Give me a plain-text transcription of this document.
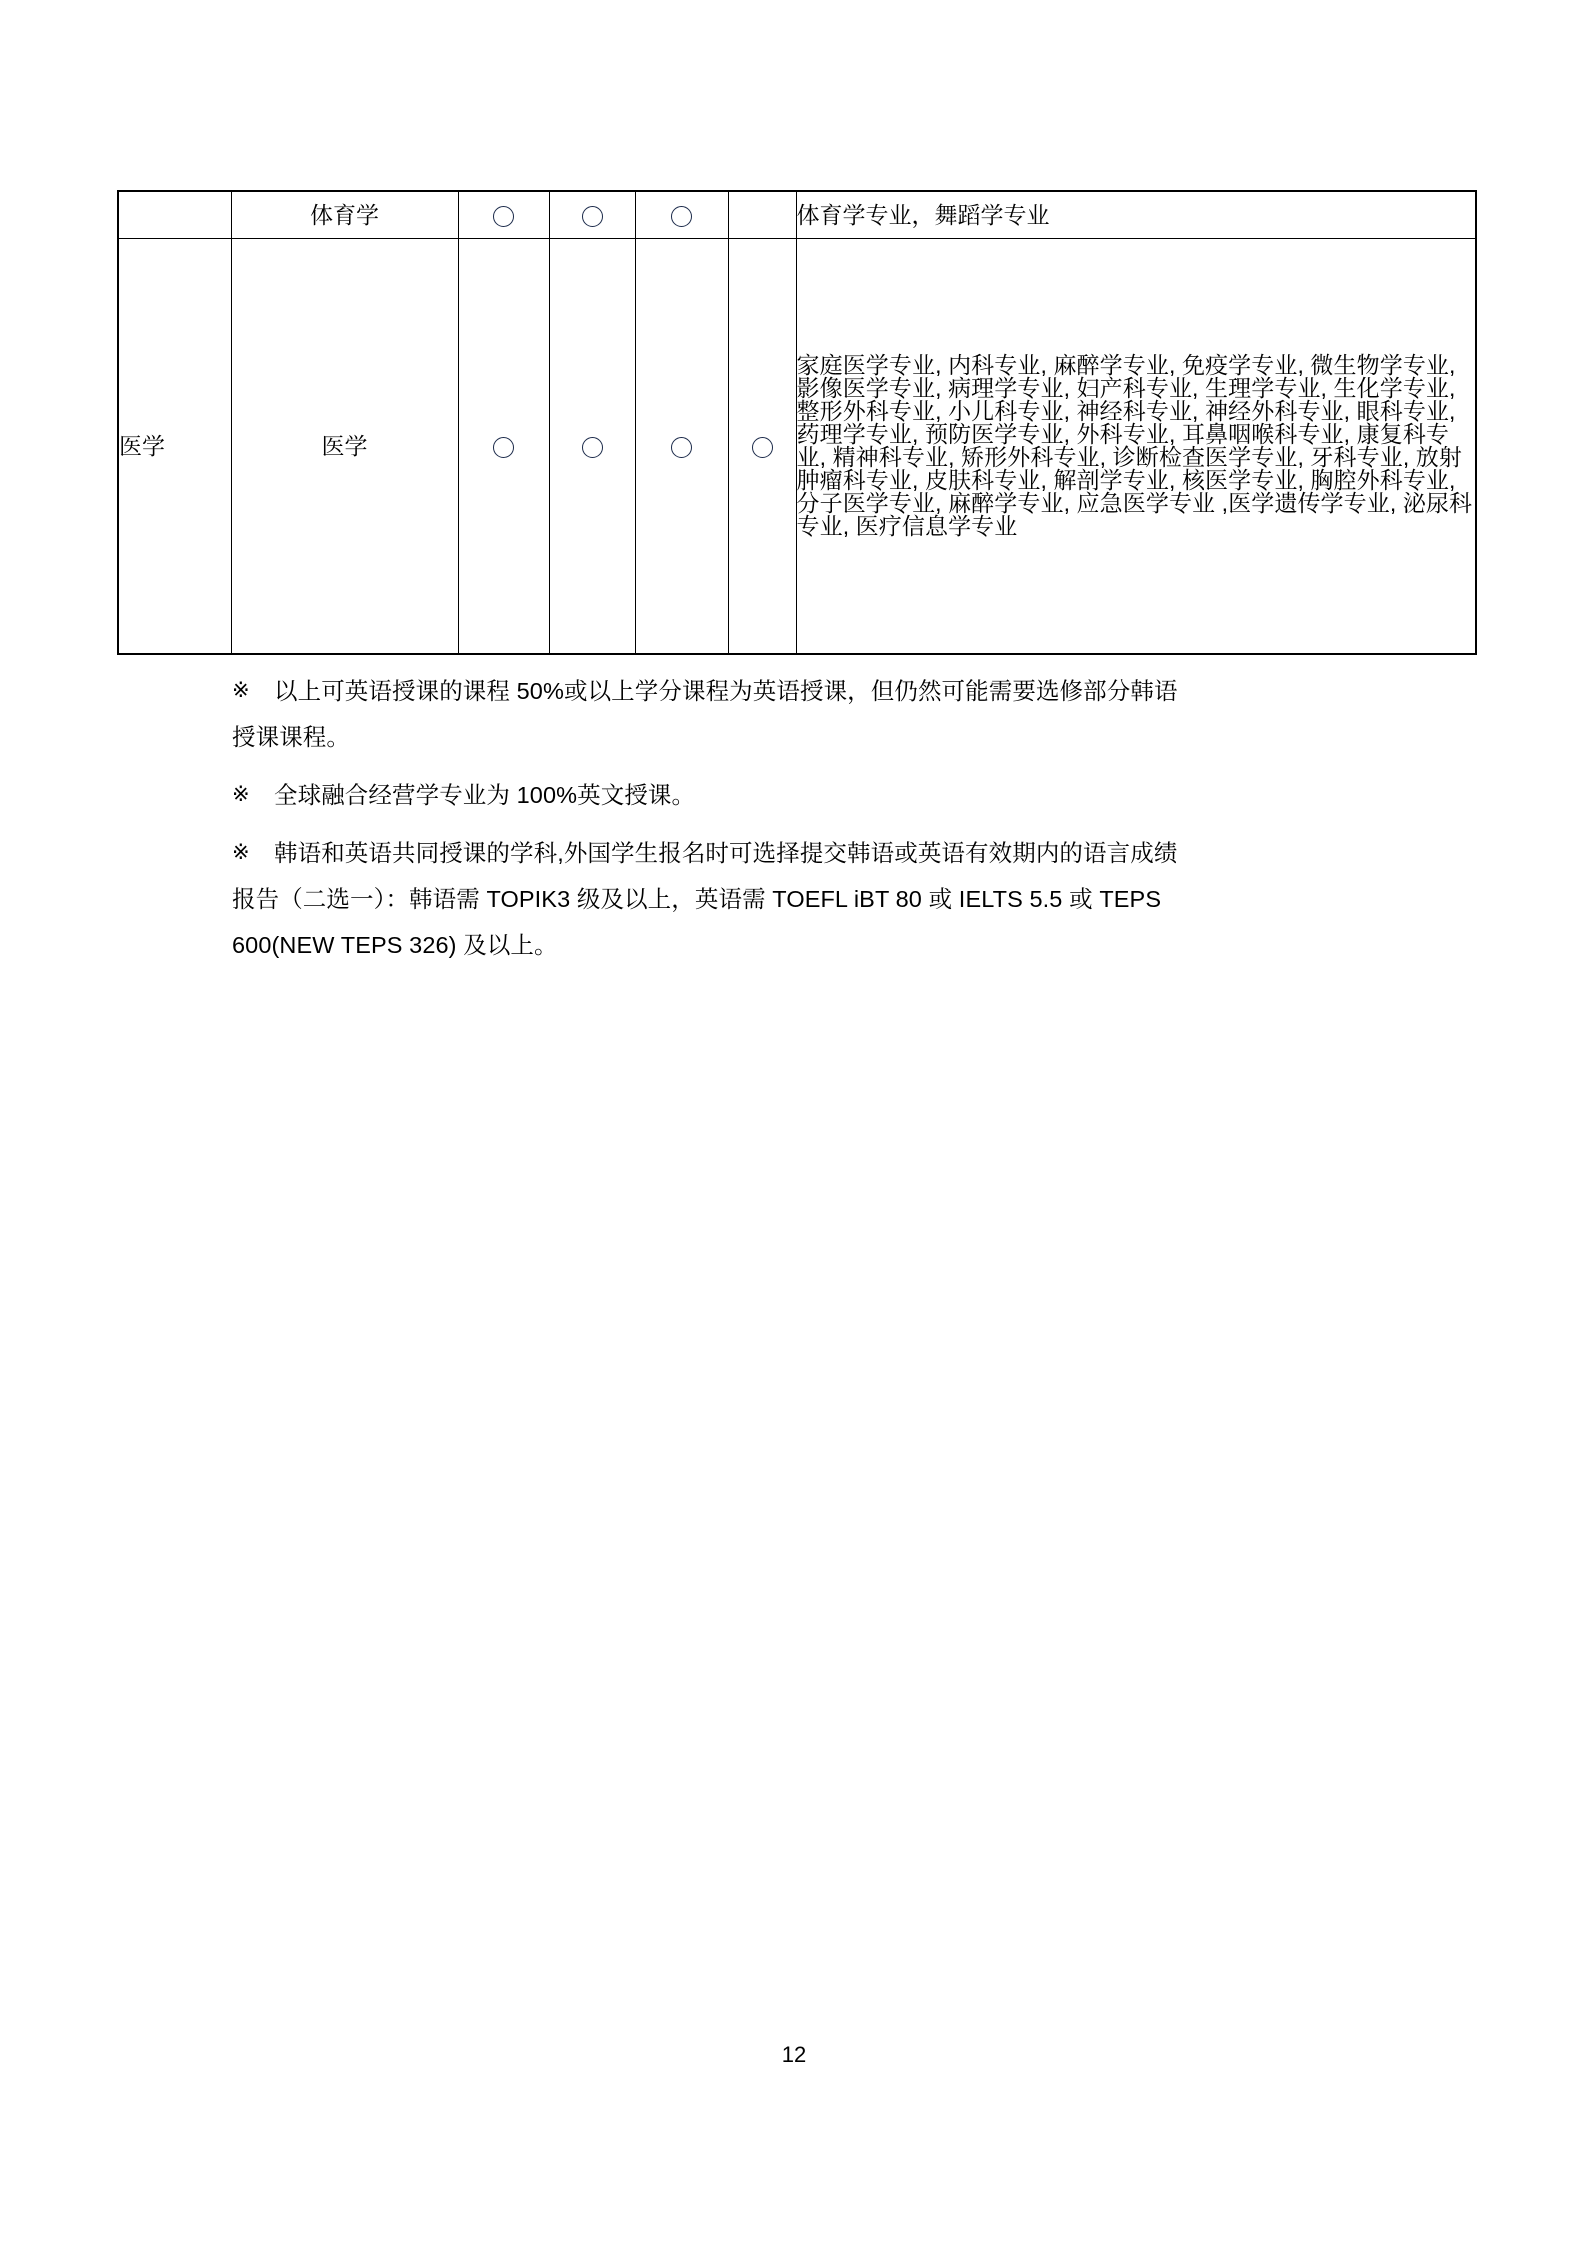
	体育学					体育学专业，舞蹈学专业
医学	医学					家庭医学专业, 内科专业, 麻醉学专业, 免疫学专业, 微生物学专业, 影像医学专业, 病理学专业, 妇产科专业, 生理学专业, 生化学专业, 整形外科专业, 小儿科专业, 神经科专业, 神经外科专业, 眼科专业, 药理学专业, 预防医学专业, 外科专业, 耳鼻咽喉科专业, 康复科专业, 精神科专业, 矫形外科专业, 诊断检查医学专业, 牙科专业, 放射肿瘤科专业, 皮肤科专业, 解剖学专业, 核医学专业, 胸腔外科专业, 分子医学专业, 麻醉学专业, 应急医学专业 ,医学遗传学专业, 泌尿科专业, 医疗信息学专业
※	以上可英语授课的课程 50%或以上学分课程为英语授课，但仍然可能需要选修部分韩语
授课课程。
※	全球融合经营学专业为 100%英文授课。
※	韩语和英语共同授课的学科,外国学生报名时可选择提交韩语或英语有效期内的语言成绩
报告（二选一）：韩语需 TOPIK3 级及以上，英语需 TOEFL iBT 80 或 IELTS 5.5 或 TEPS
600(NEW TEPS 326) 及以上。
12
